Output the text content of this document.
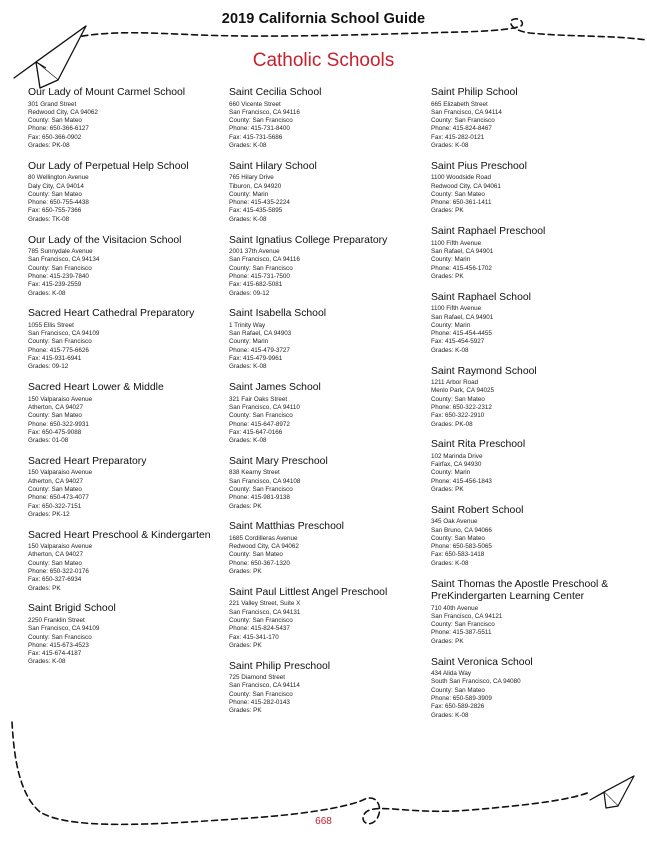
2019 California School Guide
Catholic Schools
Our Lady of Mount Carmel School
301 Grand Street
Redwood City, CA 94062
County: San Mateo
Phone: 650-366-6127
Fax: 650-366-0902
Grades: PK-08
Our Lady of Perpetual Help School
80 Wellington Avenue
Daly City, CA 94014
County: San Mateo
Phone: 650-755-4438
Fax: 650-755-7366
Grades: TK-08
Our Lady of the Visitacion School
785 Sunnydale Avenue
San Francisco, CA 94134
County: San Francisco
Phone: 415-239-7840
Fax: 415-239-2559
Grades: K-08
Sacred Heart Cathedral Preparatory
1055 Ellis Street
San Francisco, CA 94109
County: San Francisco
Phone: 415-775-6626
Fax: 415-931-6941
Grades: 09-12
Sacred Heart Lower & Middle
150 Valparaiso Avenue
Atherton, CA 94027
County: San Mateo
Phone: 650-322-9931
Fax: 650-475-9088
Grades: 01-08
Sacred Heart Preparatory
150 Valparaiso Avenue
Atherton, CA 94027
County: San Mateo
Phone: 650-473-4077
Fax: 650-322-7151
Grades: PK-12
Sacred Heart Preschool & Kindergarten
150 Valparaiso Avenue
Atherton, CA 94027
County: San Mateo
Phone: 650-322-0176
Fax: 650-327-6934
Grades: PK
Saint Brigid School
2250 Franklin Street
San Francisco, CA 94109
County: San Francisco
Phone: 415-673-4523
Fax: 415-674-4187
Grades: K-08
Saint Cecilia School
660 Vicente Street
San Francisco, CA 94116
County: San Francisco
Phone: 415-731-8400
Fax: 415-731-5686
Grades: K-08
Saint Hilary School
765 Hilary Drive
Tiburon, CA 94920
County: Marin
Phone: 415-435-2224
Fax: 415-435-5895
Grades: K-08
Saint Ignatius College Preparatory
2001 37th Avenue
San Francisco, CA 94116
County: San Francisco
Phone: 415-731-7500
Fax: 415-682-5081
Grades: 09-12
Saint Isabella School
1 Trinity Way
San Rafael, CA 94903
County: Marin
Phone: 415-479-3727
Fax: 415-479-9961
Grades: K-08
Saint James School
321 Fair Oaks Street
San Francisco, CA 94110
County: San Francisco
Phone: 415-647-8972
Fax: 415-647-0166
Grades: K-08
Saint Mary Preschool
838 Kearny Street
San Francisco, CA 94108
County: San Francisco
Phone: 415-981-9138
Grades: PK
Saint Matthias Preschool
1685 Cordilleras Avenue
Redwood City, CA 94062
County: San Mateo
Phone: 650-367-1320
Grades: PK
Saint Paul Littlest Angel Preschool
221 Valley Street, Suite X
San Francisco, CA 94131
County: San Francisco
Phone: 415-824-5437
Fax: 415-341-170
Grades: PK
Saint Philip Preschool
725 Diamond Street
San Francisco, CA 94114
County: San Francisco
Phone: 415-282-0143
Grades: PK
Saint Philip School
665 Elizabeth Street
San Francisco, CA 94114
County: San Francisco
Phone: 415-824-8467
Fax: 415-282-0121
Grades: K-08
Saint Pius Preschool
1100 Woodside Road
Redwood City, CA 94061
County: San Mateo
Phone: 650-361-1411
Grades: PK
Saint Raphael Preschool
1100 Fifth Avenue
San Rafael, CA 94901
County: Marin
Phone: 415-456-1702
Grades: PK
Saint Raphael School
1100 Fifth Avenue
San Rafael, CA 94901
County: Marin
Phone: 415-454-4455
Fax: 415-454-5927
Grades: K-08
Saint Raymond School
1211 Arbor Road
Menlo Park, CA 94025
County: San Mateo
Phone: 650-322-2312
Fax: 650-322-2910
Grades: PK-08
Saint Rita Preschool
102 Marinda Drive
Fairfax, CA 94930
County: Marin
Phone: 415-456-1843
Grades: PK
Saint Robert School
345 Oak Avenue
San Bruno, CA 94066
County: San Mateo
Phone: 650-583-5065
Fax: 650-583-1418
Grades: K-08
Saint Thomas the Apostle Preschool & PreKindergarten Learning Center
710 40th Avenue
San Francisco, CA 94121
County: San Francisco
Phone: 415-387-5511
Grades: PK
Saint Veronica School
434 Alida Way
South San Francisco, CA 94080
County: San Mateo
Phone: 650-589-3909
Fax: 650-589-2826
Grades: K-08
668
